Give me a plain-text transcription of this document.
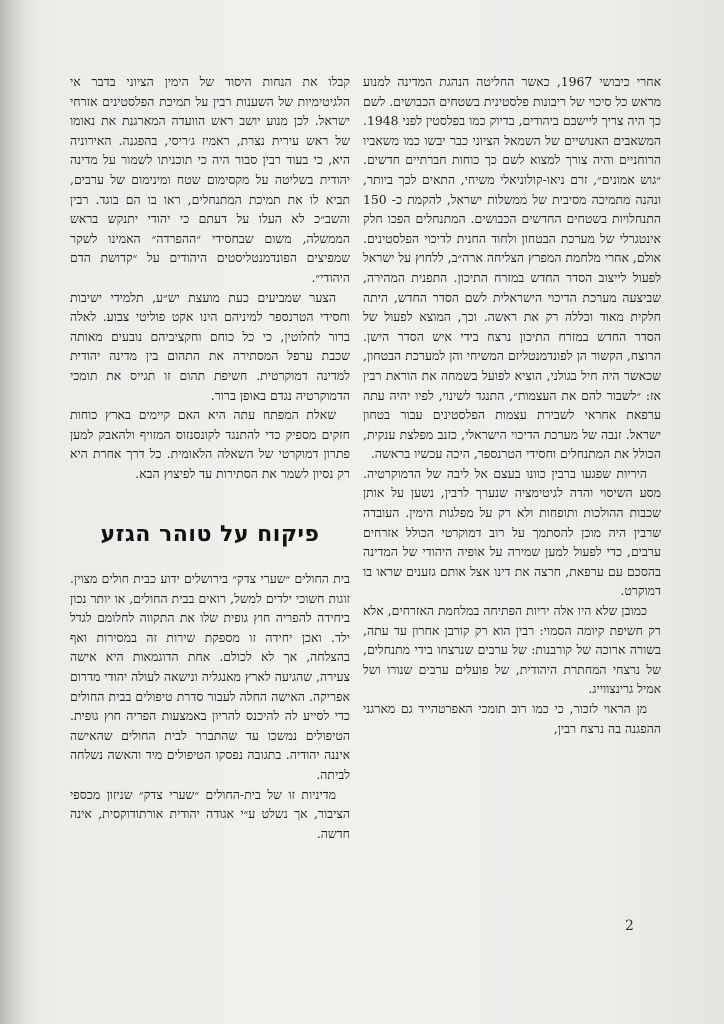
אחרי כיבושי 1967, כאשר החליטה הנהגת המדינה למנוע מראש כל סיכוי של ריבונות פלסטינית בשטחים הכבושים. לשם כך היה צריך ליישבם ביהודים, בדיוק כמו בפלסטין לפני 1948. המשאבים האנושיים של השמאל הציוני כבר יבשו כמו משאביו הרוחניים והיה צורך למצוא לשם כך כוחות חברתיים חדשים. ״גוש אמונים״, זרם ניאו-קולוניאלי משיחי, התאים לכך ביותר, ונהנה מתמיכה מסיבית של ממשלות ישראל, להקמת כ- 150 התנחלויות בשטחים החדשים הכבושים. המתנחלים הפכו חלק אינטגרלי של מערכת הבטחון ולחוד החנית לדיכוי הפלסטינים. אולם, אחרי מלחמת המפרץ הצליחה ארה״ב, ללחוץ על ישראל לפעול לייצוב הסדר החדש במזרח התיכון. התפנית המהירה, שביצעה מערכת הדיכוי הישראלית לשם הסדר החדש, היתה חלקית מאוד וכללה רק את ראשה. וכך, המוצא לפעול של הסדר החדש במזרח התיכון נרצח בידי איש הסדר הישן. הרוצח, הקשור הן לפונדמנטליזם המשיחי והן למערכת הבטחון, שכאשר היה חיל בגולני, הוציא לפועל בשמחה את הוראת רבין אז: ״לשבור להם את העצמות״, התנגד לשינוי, לפיו יהיה עתה ערפאת אחראי לשבירת עצמות הפלסטינים עבור בטחון ישראל. זנבה של מערכת הדיכוי הישראלי, כזנב מפלצת ענקית, הכולל את המתנחלים וחסידי הטרנספר, היכה עכשיו בראשה.

היריות שפגעו ברבין כוונו בעצם אל ליבה של הדמוקרטיה. מסע השיסוי והדה לגיטימציה שנערך לרבין, נשען על אותן שכבות ההולכות ותופחות ולא רק על מפלגות הימין. העובדה שרבין היה מוכן להסתמך על רוב דמוקרטי הכולל אזרחים ערבים, כדי לפעול למען שמירה על אופיה היהודי של המדינה בהסכם עם ערפאת, חרצה את דינו אצל אותם גזענים שראו בו דמוקרט.

כמובן שלא היו אלה יריות הפתיחה במלחמת האזרחים, אלא רק חשיפת קיומה הסמוי: רבין הוא רק קורבן אחרון עד עתה, בשורה ארוכה של קורבנות: של ערבים שנרצחו בידי מתנחלים, של נרצחי המחתרת היהודית, של פועלים ערבים שנורו ושל אמיל גרינצווייג.

מן הראוי לזכור, כי כמו רוב תומכי האפרטהייד גם מארגני ההפגנה בה נרצח רבין,

קבלו את הנחות היסוד של הימין הציוני בדבר אי הלגיטימיות של השענות רבין על תמיכת הפלסטינים אזרחי ישראל. לכן מנוע יושב ראש הוועדה המארגנת את נאומו של ראש עירית נצרת, ראמיז ג׳ריסי, בהפגנה. האירוניה היא, כי בעוד רבין סבור היה כי תוכניתו לשמור על מדינה יהודית בשליטה על מקסימום שטח ומינימום של ערבים, תביא לו את תמיכת המתנחלים, ראו בו הם בוגד. רבין והשב״כ לא העלו על דעתם כי יהודי יתנקש בראש הממשלה, משום שבחסידי ״ההפרדה״ האמינו לשקר שמפיצים הפונדמנטליסטים היהודים על ״קדושת הדם היהודי״.

הצער שמביעים כעת מועצת יש״ע, תלמידי ישיבות וחסידי הטרנספר למיניהם הינו אקט פוליטי צבוע. לאלה ברור לחלוטין, כי כל כוחם וחקציביהם נובעים מאותה שכבת ערפל המסתירה את התהום בין מדינה יהודית למדינה דמוקרטית. חשיפת תהום זו תגייס את תומכי הדמוקרטיה נגדם באופן ברור.

שאלת המפתח עתה היא האם קיימים בארץ כוחות חזקים מספיק כדי להתנגד לקונסנזוס המזויף ולהאבק למען פתרון דמוקרטי של השאלה הלאומית. כל דרך אחרת היא רק נסיון לשמר את הסתירות עד לפיצוץ הבא.

פיקוח על טוהר הגזע

בית החולים ״שערי צדק״ בירושלים ידוע כבית חולים מצוין. זוגות חשוכי ילדים למשל, רואים בבית החולים, או יותר נכון ביחידה להפריה חוץ גופית שלו את התקווה לחלומם לגדל ילד. ואכן יחידה זו מספקת שירות זה במסירות ואף בהצלחה, אך לא לכולם. אחת הדוגמאות היא אישה צעירה, שהגיעה לארץ מאנגליה ונישאה לעולה יהודי מדרום אפריקה. האישה החלה לעבור סדרת טיפולים בבית החולים כדי לסייע לה להיכנס להריון באמצעות הפריה חוץ גופית. הטיפולים נמשכו עד שהתברר לבית החולים שהאישה איננה יהודיה. בתגובה נפסקו הטיפולים מיד והאשה נשלחה לביתה.

מדיניות זו של בית-החולים ״שערי צדק״ שניזון מכספי הציבור, אך נשלט ע״י אגודה יהודית אורתודוקסית, אינה חדשה.

2
